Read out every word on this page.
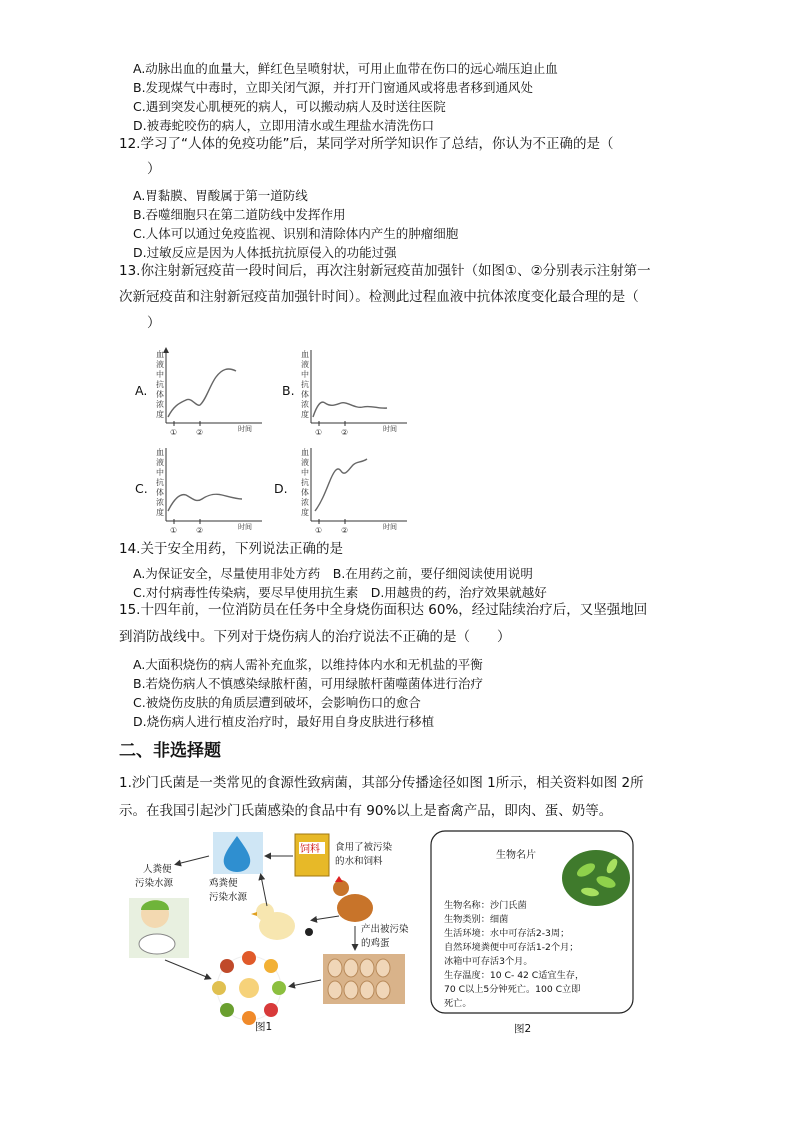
A.动脉出血的血量大，鲜红色呈喷射状，可用止血带在伤口的远心端压迫止血
B.发现煤气中毒时，立即关闭气源，并打开门窗通风或将患者移到通风处
C.遇到突发心肌梗死的病人，可以搬动病人及时送往医院
D.被毒蛇咬伤的病人，立即用清水或生理盐水清洗伤口
12.学习了“人体的免疫功能”后，某同学对所学知识作了总结，你认为不正确的是（
）
A.胃黏膜、胃酸属于第一道防线
B.吞噬细胞只在第二道防线中发挥作用
C.人体可以通过免疫监视、识别和清除体内产生的肿瘤细胞
D.过敏反应是因为人体抵抗抗原侵入的功能过强
13.你注射新冠疫苗一段时间后，再次注射新冠疫苗加强针（如图①、②分别表示注射第一
次新冠疫苗和注射新冠疫苗加强针时间）。检测此过程血液中抗体浓度变化最合理的是（
）
A.	B.
C.	D.
时间
① ②	时间
① ②
时间
① ②	时间
① ②
血液中抗体浓度
血液中抗体浓度
血液中抗体浓度
血液中抗体浓度
14.关于安全用药，下列说法正确的是
A.为保证安全，尽量使用非处方药　B.在用药之前，要仔细阅读使用说明
C.对付病毒性传染病，要尽早使用抗生素　D.用越贵的药，治疗效果就越好
15.十四年前，一位消防员在任务中全身烧伤面积达 60%，经过陆续治疗后，又坚强地回
到消防战线中。下列对于烧伤病人的治疗说法不正确的是（　　）
A.大面积烧伤的病人需补充血浆，以维持体内水和无机盐的平衡
B.若烧伤病人不慎感染绿脓杆菌，可用绿脓杆菌噬菌体进行治疗
C.被烧伤皮肤的角质层遭到破坏，会影响伤口的愈合
D.烧伤病人进行植皮治疗时，最好用自身皮肤进行移植
二、非选择题
1.沙门氏菌是一类常见的食源性致病菌，其部分传播途径如图 1所示，相关资料如图 2所
示。在我国引起沙门氏菌感染的食品中有 90%以上是畜禽产品，即肉、蛋、奶等。
饲料
人粪便
污染水源	鸡粪便
污染水源
食用了被污染
的水和饲料
产出被污染
的鸡蛋
图1
生物名片
生物名称：沙门氏菌
生物类别：细菌
生活环境：水中可存活2-3周；
自然环境粪便中可存活1-2个月；
冰箱中可存活3个月。
生存温度：10 C- 42 C适宜生存，
70 C以上5分钟死亡。100 C立即
死亡。
图2
